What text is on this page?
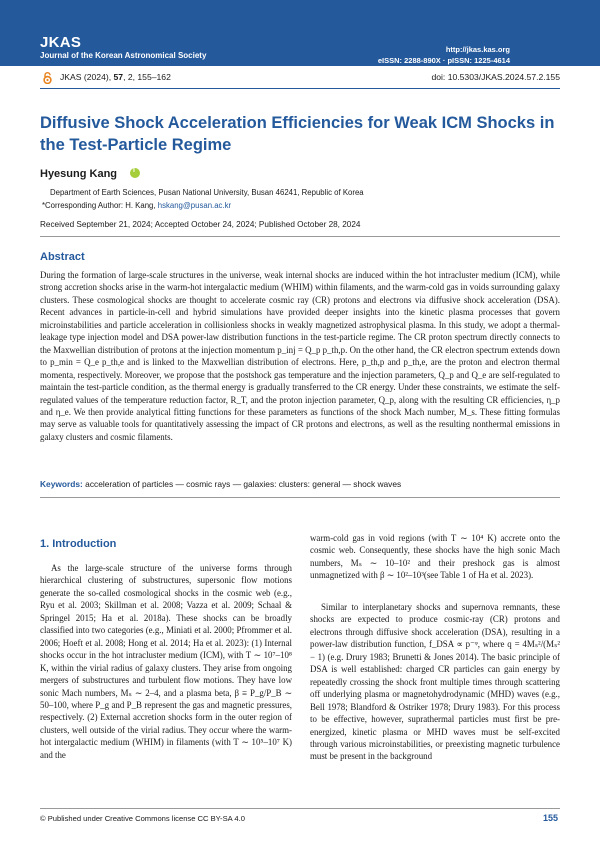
JKAS
Journal of the Korean Astronomical Society
http://jkas.kas.org
eISSN: 2288-890X · pISSN: 1225-4614
JKAS (2024), 57, 2, 155–162	doi: 10.5303/JKAS.2024.57.2.155
Diffusive Shock Acceleration Efficiencies for Weak ICM Shocks in the Test-Particle Regime
Hyesung Kang i
Department of Earth Sciences, Pusan National University, Busan 46241, Republic of Korea
*Corresponding Author: H. Kang, hskang@pusan.ac.kr
Received September 21, 2024; Accepted October 24, 2024; Published October 28, 2024
Abstract

During the formation of large-scale structures in the universe, weak internal shocks are induced within the hot intracluster medium (ICM), while strong accretion shocks arise in the warm-hot intergalactic medium (WHIM) within filaments, and the warm-cold gas in voids surrounding galaxy clusters. These cosmological shocks are thought to accelerate cosmic ray (CR) protons and electrons via diffusive shock acceleration (DSA). Recent advances in particle-in-cell and hybrid simulations have provided deeper insights into the kinetic plasma processes that govern microinstabilities and particle acceleration in collisionless shocks in weakly magnetized astrophysical plasma. In this study, we adopt a thermal-leakage type injection model and DSA power-law distribution functions in the test-particle regime. The CR proton spectrum directly connects to the Maxwellian distribution of protons at the injection momentum p_inj = Q_p p_th,p. On the other hand, the CR electron spectrum extends down to p_min = Q_e p_th,e and is linked to the Maxwellian distribution of electrons. Here, p_th,p and p_th,e, are the proton and electron thermal momenta, respectively. Moreover, we propose that the postshock gas temperature and the injection parameters, Q_p and Q_e are self-regulated to maintain the test-particle condition, as the thermal energy is gradually transferred to the CR energy. Under these constraints, we estimate the self-regulated values of the temperature reduction factor, R_T, and the proton injection parameter, Q_p, along with the resulting CR efficiencies, η_p and η_e. We then provide analytical fitting functions for these parameters as functions of the shock Mach number, M_s. These fitting formulas may serve as valuable tools for quantitatively assessing the impact of CR protons and electrons, as well as the resulting nonthermal emissions in galaxy clusters and cosmic filaments.

Keywords: acceleration of particles — cosmic rays — galaxies: clusters: general — shock waves
1. Introduction

As the large-scale structure of the universe forms through hierarchical clustering of substructures, supersonic flow motions generate the so-called cosmological shocks in the cosmic web (e.g., Ryu et al. 2003; Skillman et al. 2008; Vazza et al. 2009; Schaal & Springel 2015; Ha et al. 2018a). These shocks can be broadly classified into two categories (e.g., Miniati et al. 2000; Pfrommer et al. 2006; Hoeft et al. 2008; Hong et al. 2014; Ha et al. 2023): (1) Internal shocks occur in the hot intracluster medium (ICM), with T ∼ 10⁷–10⁸ K, within the virial radius of galaxy clusters. They arise from ongoing mergers of substructures and turbulent flow motions. They have low sonic Mach numbers, Mₛ ∼ 2–4, and a plasma beta, β ≡ P_g/P_B ∼ 50–100, where P_g and P_B represent the gas and magnetic pressures, respectively. (2) External accretion shocks form in the outer region of clusters, well outside of the virial radius. They occur where the warm-hot intergalactic medium (WHIM) in filaments (with T ∼ 10⁵–10⁷ K) and the

warm-cold gas in void regions (with T ∼ 10⁴ K) accrete onto the cosmic web. Consequently, these shocks have the high sonic Mach numbers, Mₛ ∼ 10–10² and their preshock gas is almost unmagnetized with β ∼ 10²–10³(see Table 1 of Ha et al. 2023).

Similar to interplanetary shocks and supernova remnants, these shocks are expected to produce cosmic-ray (CR) protons and electrons through diffusive shock acceleration (DSA), resulting in a power-law distribution function, f_DSA ∝ p⁻ᵠ, where q = 4Mₛ²/(Mₛ² − 1) (e.g. Drury 1983; Brunetti & Jones 2014). The basic principle of DSA is well established: charged CR particles can gain energy by repeatedly crossing the shock front multiple times through scattering off underlying plasma or magnetohydrodynamic (MHD) waves (e.g., Bell 1978; Blandford & Ostriker 1978; Drury 1983). For this process to be effective, however, suprathermal particles must first be pre-energized, kinetic plasma or MHD waves must be self-excited through various microinstabilities, or preexisting magnetic turbulence must be present in the background

© Published under Creative Commons license CC BY-SA 4.0	155
